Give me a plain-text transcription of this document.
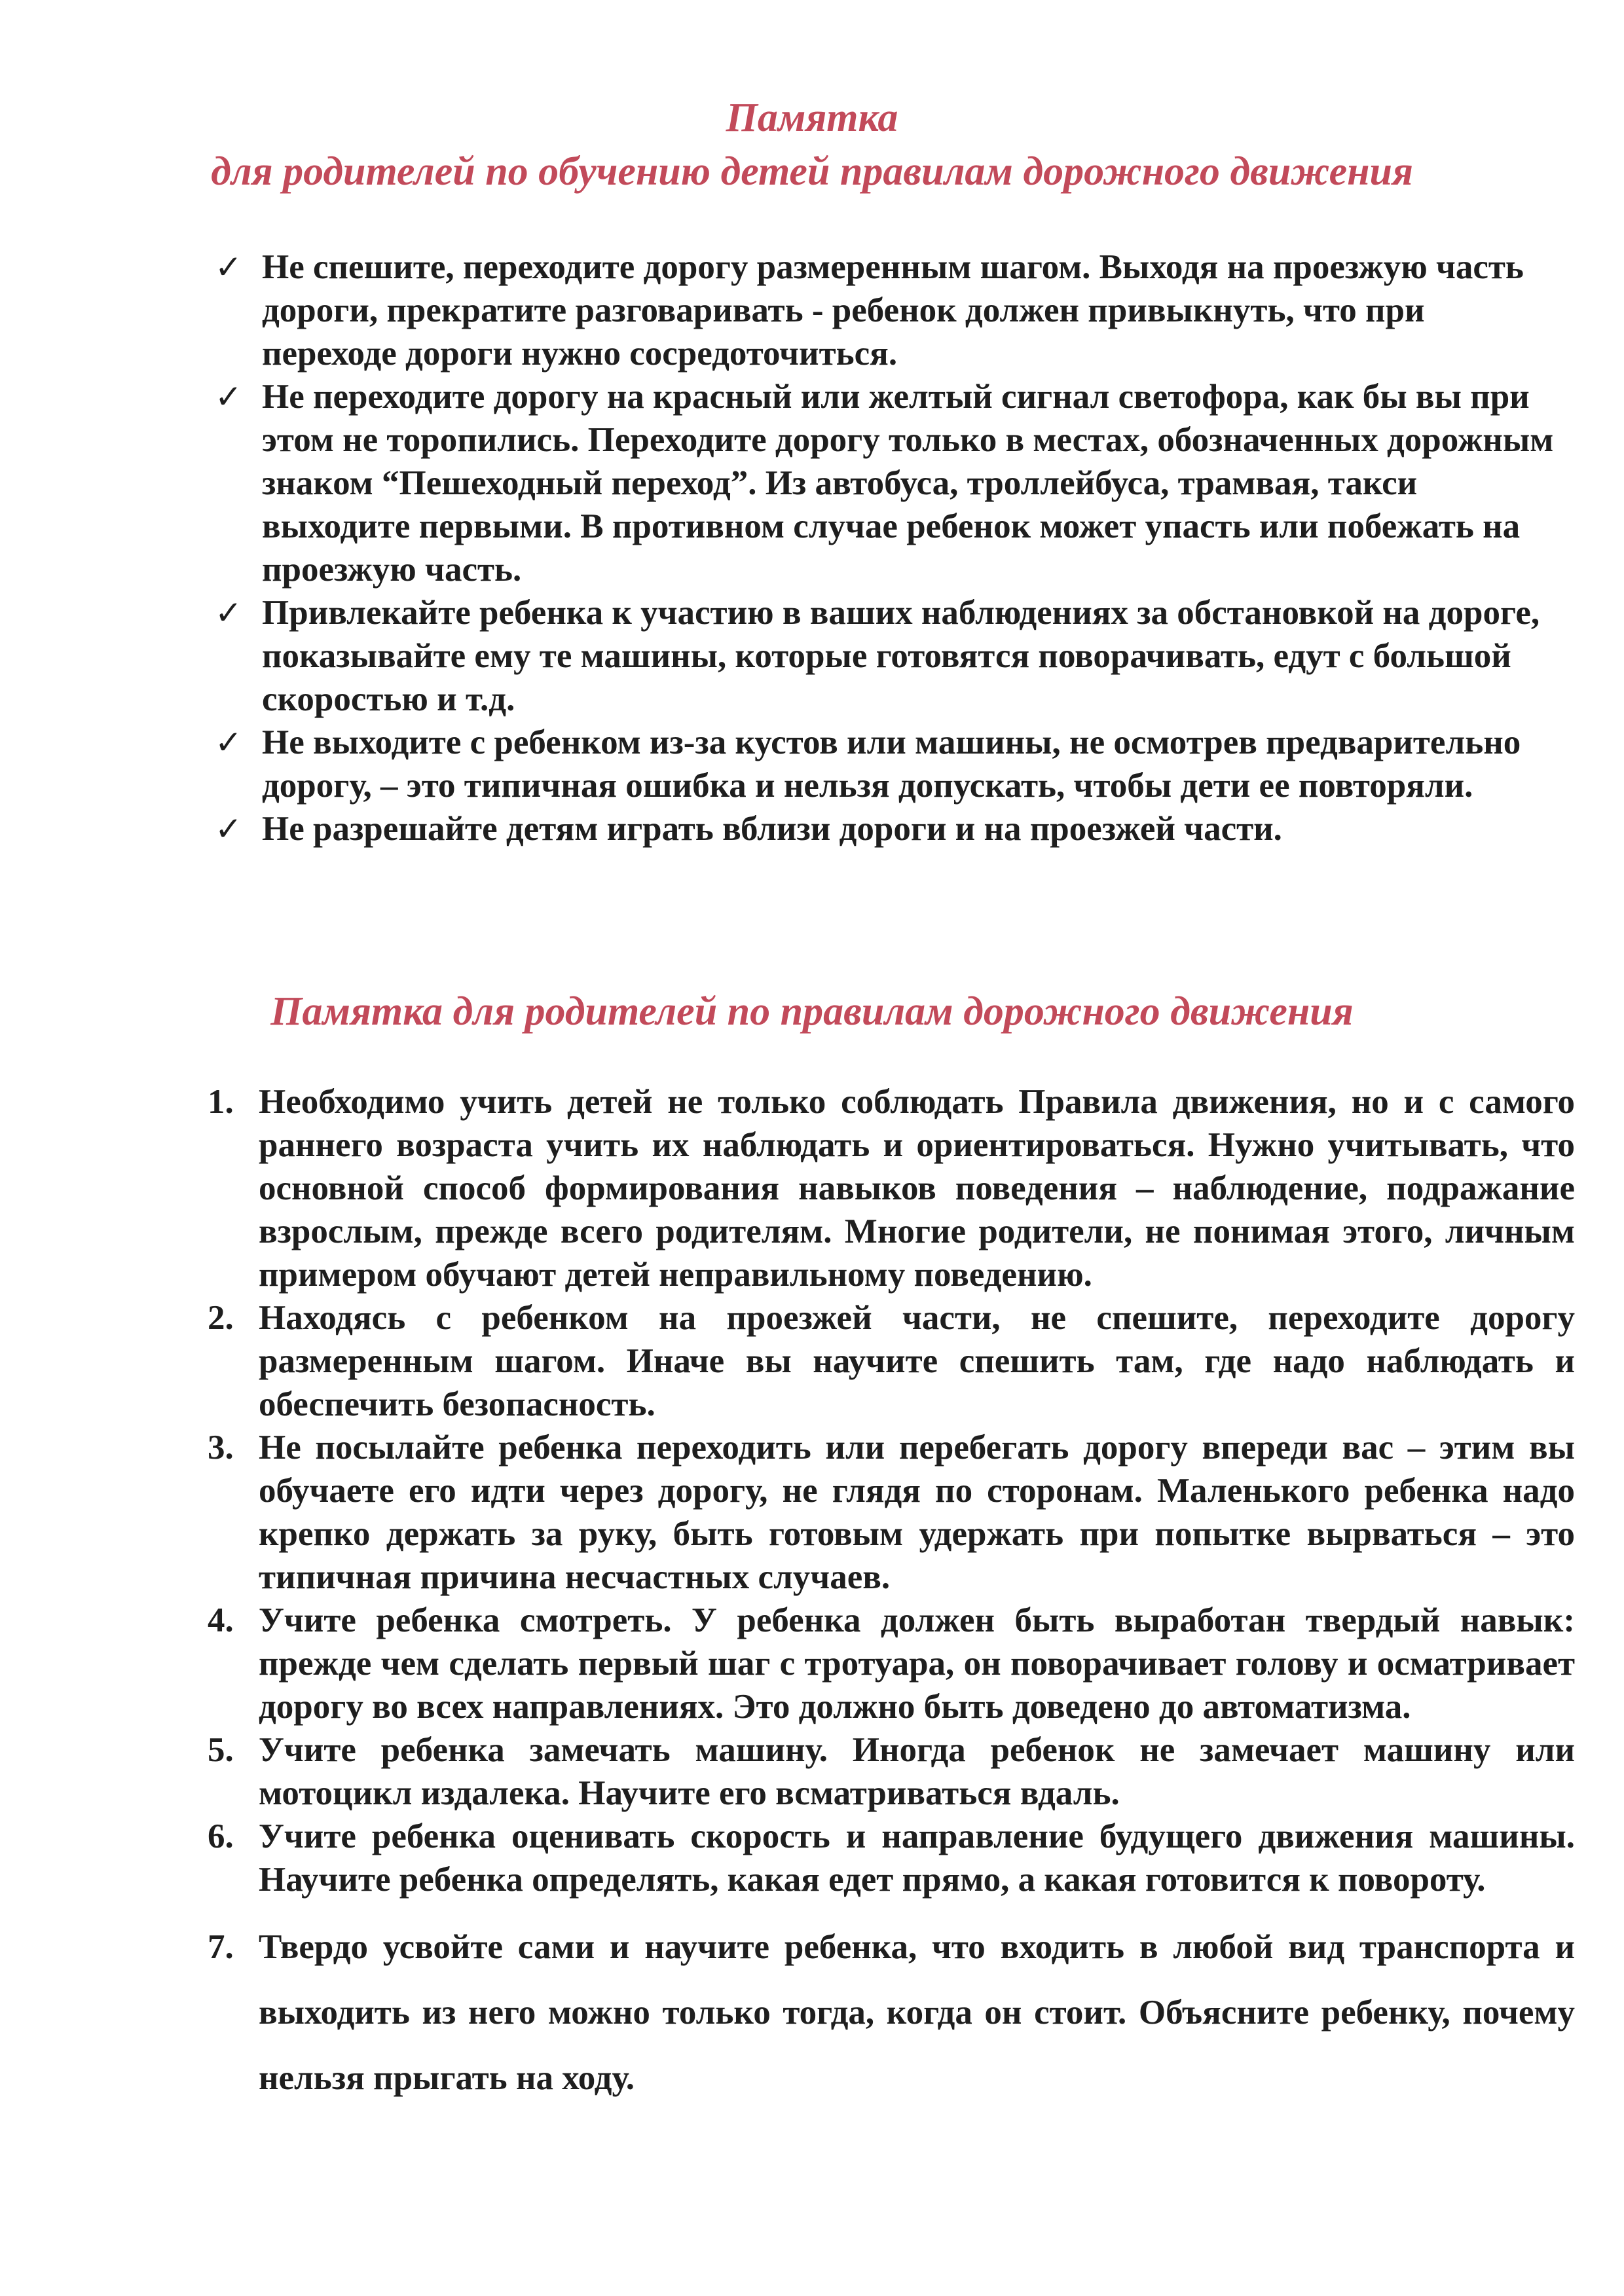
Памятка
для родителей по обучению детей правилам дорожного движения
✓ Не спешите, переходите дорогу размеренным шагом. Выходя на проезжую часть дороги, прекратите разговаривать - ребенок должен привыкнуть, что при переходе дороги нужно сосредоточиться.
✓ Не переходите дорогу на красный или желтый сигнал светофора, как бы вы при этом не торопились. Переходите дорогу только в местах, обозначенных дорожным знаком “Пешеходный переход”. Из автобуса, троллейбуса, трамвая, такси выходите первыми. В противном случае ребенок может упасть или побежать на проезжую часть.
✓ Привлекайте ребенка к участию в ваших наблюдениях за обстановкой на дороге, показывайте ему те машины, которые готовятся поворачивать, едут с большой скоростью и т.д.
✓ Не выходите с ребенком из-за кустов или машины, не осмотрев предварительно дорогу, – это типичная ошибка и нельзя допускать, чтобы дети ее повторяли.
✓ Не разрешайте детям играть вблизи дороги и на проезжей части.
Памятка для родителей по правилам дорожного движения
1. Необходимо учить детей не только соблюдать Правила движения, но и с самого раннего возраста учить их наблюдать и ориентироваться. Нужно учитывать, что основной способ формирования навыков поведения – наблюдение, подражание взрослым, прежде всего родителям. Многие родители, не понимая этого, личным примером обучают детей неправильному поведению.
2. Находясь с ребенком на проезжей части, не спешите, переходите дорогу размеренным шагом. Иначе вы научите спешить там, где надо наблюдать и обеспечить безопасность.
3. Не посылайте ребенка переходить или перебегать дорогу впереди вас – этим вы обучаете его идти через дорогу, не глядя по сторонам. Маленького ребенка надо крепко держать за руку, быть готовым удержать при попытке вырваться – это типичная причина несчастных случаев.
4. Учите ребенка смотреть. У ребенка должен быть выработан твердый навык: прежде чем сделать первый шаг с тротуара, он поворачивает голову и осматривает дорогу во всех направлениях. Это должно быть доведено до автоматизма.
5. Учите ребенка замечать машину. Иногда ребенок не замечает машину или мотоцикл издалека. Научите его всматриваться вдаль.
6. Учите ребенка оценивать скорость и направление будущего движения машины. Научите ребенка определять, какая едет прямо, а какая готовится к повороту.
7. Твердо усвойте сами и научите ребенка, что входить в любой вид транспорта и выходить из него можно только тогда, когда он стоит. Объясните ребенку, почему нельзя прыгать на ходу.
